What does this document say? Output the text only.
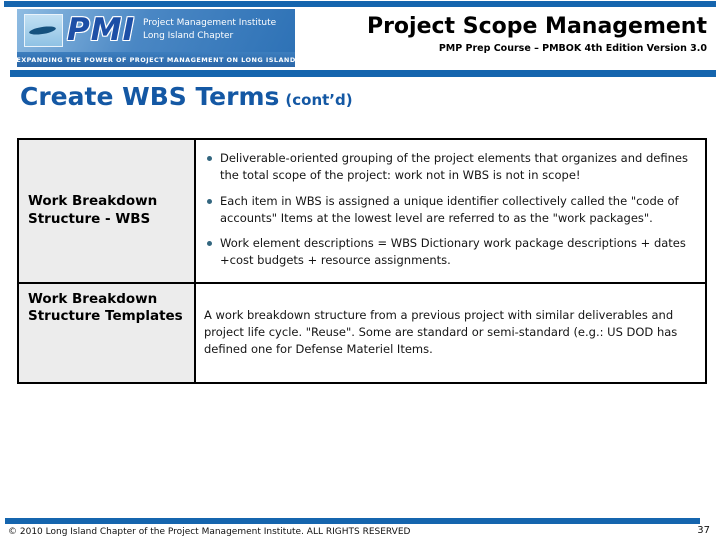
PMI Project Management Institute
Long Island Chapter
EXPANDING THE POWER OF PROJECT MANAGEMENT ON LONG ISLAND
Project Scope Management
PMP Prep Course – PMBOK 4th Edition Version 3.0
Create WBS Terms (cont’d)
Work Breakdown Structure - WBS
Deliverable-oriented grouping of the project elements that organizes and defines the total scope of the project: work not in WBS is not in scope!
Each item in WBS is assigned a unique identifier collectively called the "code of accounts" Items at the lowest level are referred to as the "work packages".
Work element descriptions = WBS Dictionary work package descriptions + dates +cost budgets + resource assignments.
Work Breakdown Structure Templates	A work breakdown structure from a previous project with similar deliverables and project life cycle. "Reuse". Some are standard or semi-standard (e.g.: US DOD has defined one for Defense Materiel Items.
© 2010 Long Island Chapter of the Project Management Institute. ALL RIGHTS RESERVED	37
